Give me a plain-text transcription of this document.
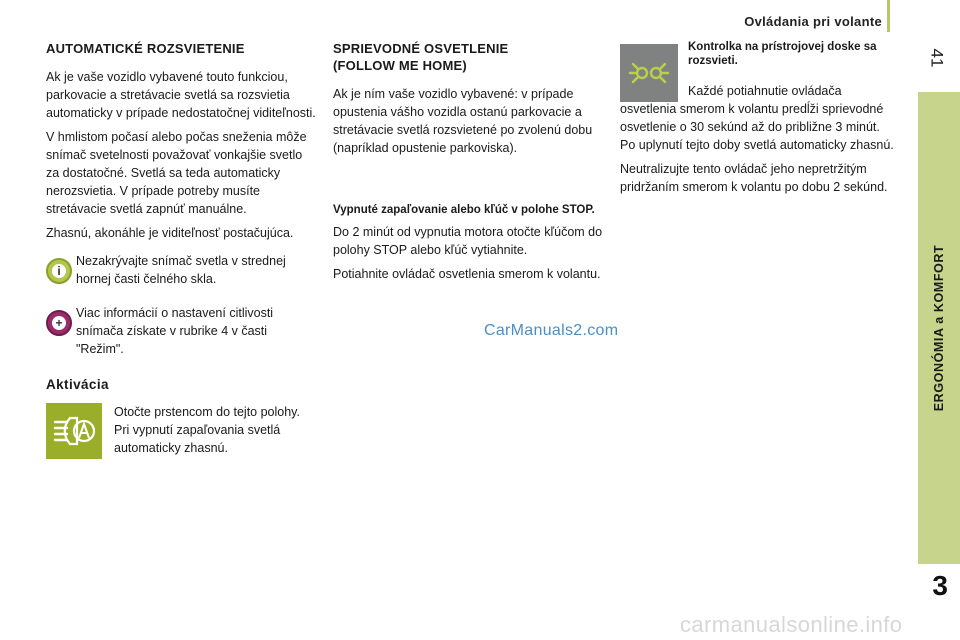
Ovládania pri volante
41
ERGONÓMIA a KOMFORT
3
AUTOMATICKÉ ROZSVIETENIE

Ak je vaše vozidlo vybavené touto funkciou, parkovacie a stretávacie svetlá sa rozsvietia automaticky v prípade nedostatočnej viditeľnosti.

V hmlistom počasí alebo počas sneženia môže snímač svetelnosti považovať vonkajšie svetlo za dostatočné. Svetlá sa teda automaticky nerozsvietia. V prípade potreby musíte stretávacie svetlá zapnúť manuálne.

Zhasnú, akonáhle je viditeľnosť postačujúca.

i
Nezakrývajte snímač svetla v strednej hornej časti čelného skla.
+
Viac informácií o nastavení citlivosti snímača získate v rubrike 4 v časti "Režim".
Aktivácia

Otočte prstencom do tejto polohy. Pri vypnutí zapaľovania svetlá automaticky zhasnú.

SPRIEVODNÉ OSVETLENIE
(FOLLOW ME HOME)

Ak je ním vaše vozidlo vybavené: v prípade opustenia vášho vozidla ostanú parkovacie a stretávacie svetlá rozsvietené po zvolenú dobu (napríklad opustenie parkoviska).

Vypnuté zapaľovanie alebo kľúč v polohe STOP.

Do 2 minút od vypnutia motora otočte kľúčom do polohy STOP alebo kľúč vytiahnite.

Potiahnite ovládač osvetlenia smerom k volantu.

Kontrolka na prístrojovej doske sa rozsvieti.

Každé potiahnutie ovládača osvetlenia smerom k volantu predĺži sprievodné osvetlenie o 30 sekúnd až do približne 3 minút. Po uplynutí tejto doby svetlá automaticky zhasnú.

Neutralizujte tento ovládač jeho nepretržitým pridržaním smerom k volantu po dobu 2 sekúnd.

CarManuals2.com
carmanualsonline.info
